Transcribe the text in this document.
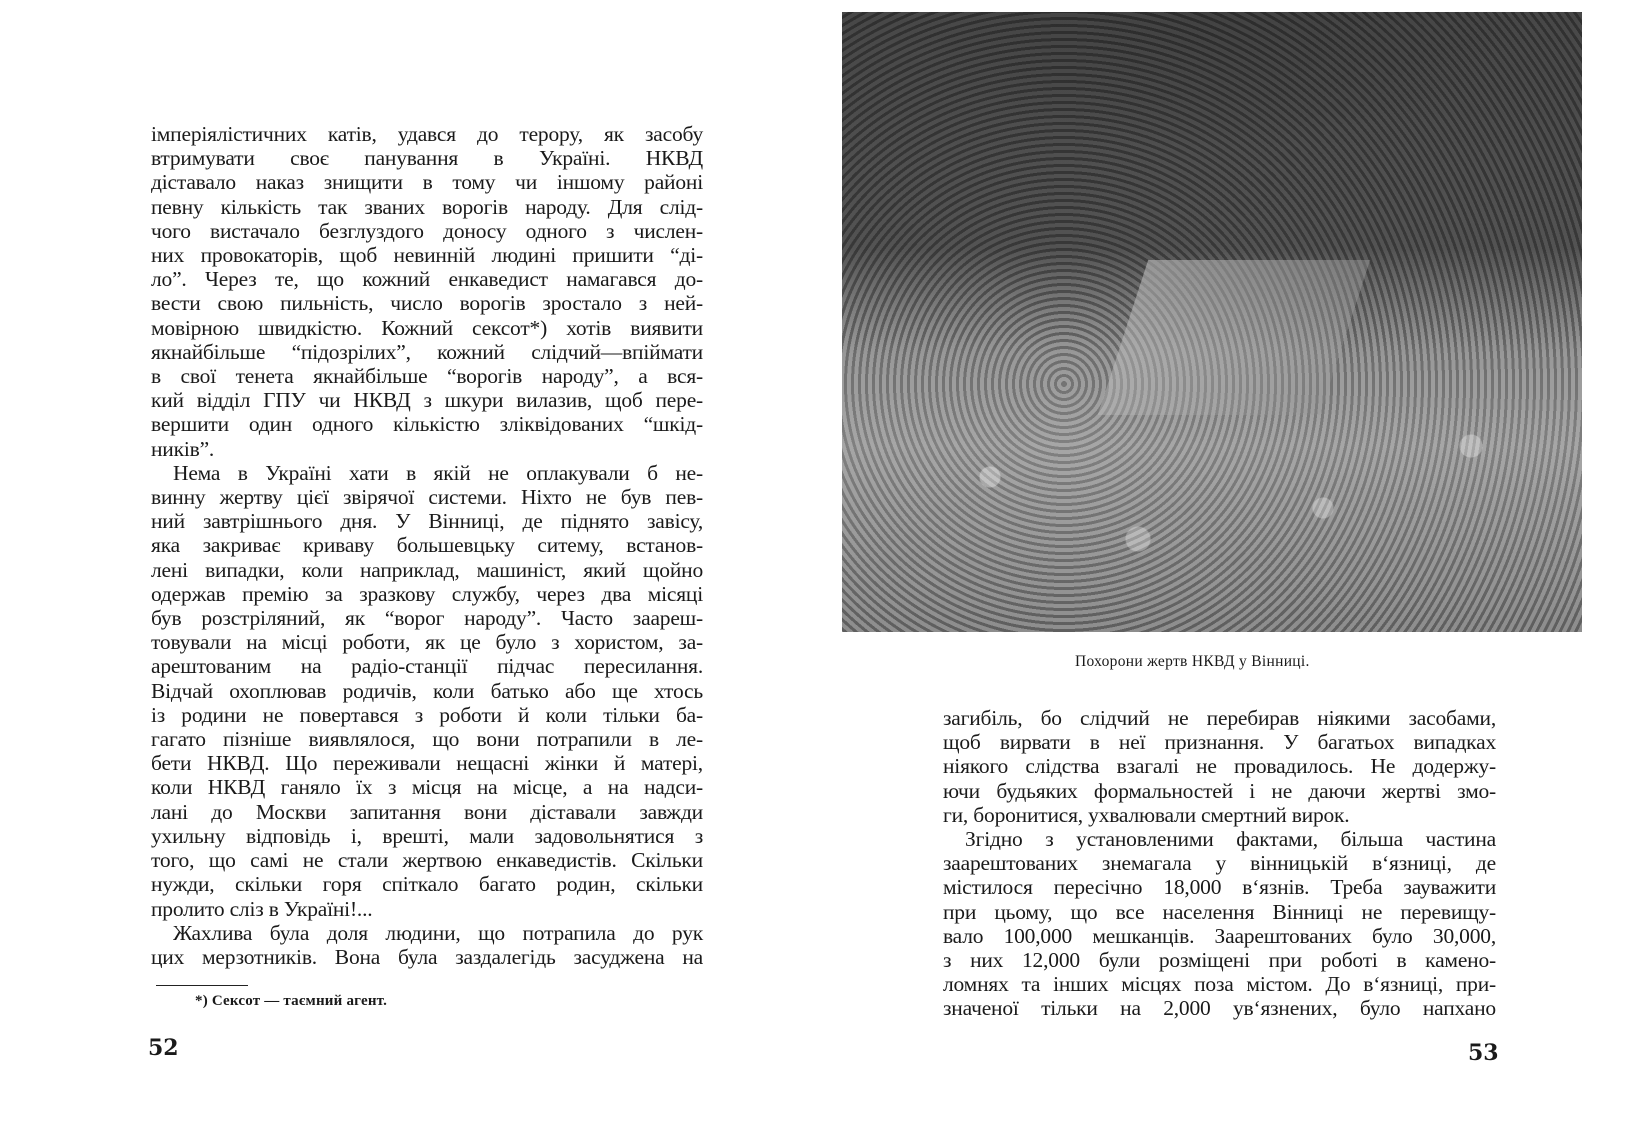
імперіялістичних катів, удався до терору, як засобу
втримувати своє панування в Україні. НКВД
діставало наказ знищити в тому чи іншому районі
певну кількість так званих ворогів народу. Для слід-
чого вистачало безглуздого доносу одного з числен-
них провокаторів, щоб невинній людині пришити “ді-
ло”. Через те, що кожний енкаведист намагався до-
вести свою пильність, число ворогів зростало з ней-
мовірною швидкістю. Кожний сексот*) хотів виявити
якнайбільше “підозрілих”, кожний слідчий—впіймати
в свої тенета якнайбільше “ворогів народу”, а вся-
кий відділ ГПУ чи НКВД з шкури вилазив, щоб пере-
вершити один одного кількістю зліквідованих “шкід-
ників”.
Нема в Україні хати в якій не оплакували б не-
винну жертву цієї звірячої системи. Ніхто не був пев-
ний завтрішнього дня. У Вінниці, де піднято завісу,
яка закриває криваву большевцьку ситему, встанов-
лені випадки, коли наприклад, машиніст, який щойно
одержав премію за зразкову службу, через два місяці
був розстріляний, як “ворог народу”. Часто заареш-
товували на місці роботи, як це було з хористом, за-
арештованим на радіо-станції підчас пересилання.
Відчай охоплював родичів, коли батько або ще хтось
із родини не повертався з роботи й коли тільки ба-
гагато пізніше виявлялося, що вони потрапили в ле-
бети НКВД. Що переживали нещасні жінки й матері,
коли НКВД ганяло їх з місця на місце, а на надси-
лані до Москви запитання вони діставали завжди
ухильну відповідь і, врешті, мали задовольнятися з
того, що самі не стали жертвою енкаведистів. Скільки
нужди, скільки горя спіткало багато родин, скільки
пролито сліз в Україні!...
Жахлива була доля людини, що потрапила до рук
цих мерзотників. Вона була заздалегідь засуджена на
*) Сексот — таємний агент.
52
Похорони жертв НКВД у Вінниці.
загибіль, бо слідчий не перебирав ніякими засобами,
щоб вирвати в неї признання. У багатьох випадках
ніякого слідства взагалі не провадилось. Не додержу-
ючи будьяких формальностей і не даючи жертві змо-
ги, боронитися, ухвалювали смертний вирок.
Згідно з установленими фактами, більша частина
заарештованих знемагала у вінницькій в‘язниці, де
містилося пересічно 18,000 в‘язнів. Треба зауважити
при цьому, що все населення Вінниці не перевищу-
вало 100,000 мешканців. Заарештованих було 30,000,
з них 12,000 були розміщені при роботі в камено-
ломнях та інших місцях поза містом. До в‘язниці, при-
значеної тільки на 2,000 ув‘язнених, було напхано
53
